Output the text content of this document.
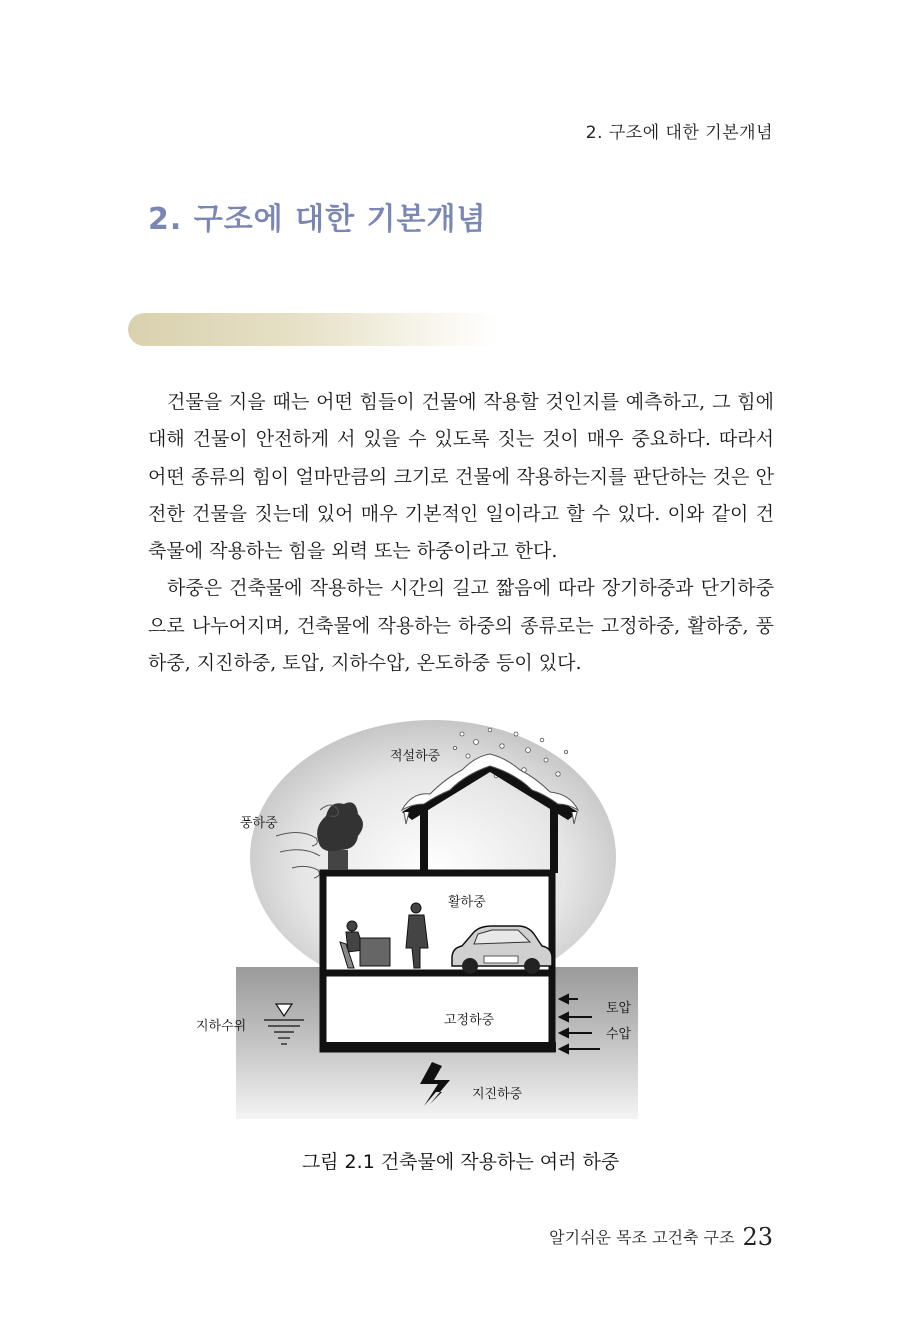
2. 구조에 대한 기본개념
2. 구조에 대한 기본개념

건물을 지을 때는 어떤 힘들이 건물에 작용할 것인지를 예측하고, 그 힘에 대해 건물이 안전하게 서 있을 수 있도록 짓는 것이 매우 중요하다. 따라서 어떤 종류의 힘이 얼마만큼의 크기로 건물에 작용하는지를 판단하는 것은 안전한 건물을 짓는데 있어 매우 기본적인 일이라고 할 수 있다. 이와 같이 건축물에 작용하는 힘을 외력 또는 하중이라고 한다.

하중은 건축물에 작용하는 시간의 길고 짧음에 따라 장기하중과 단기하중으로 나누어지며, 건축물에 작용하는 하중의 종류로는 고정하중, 활하중, 풍하중, 지진하중, 토압, 지하수압, 온도하중 등이 있다.

적설하중
풍하중
활하중
지하수위	고정하중
토압
수압
지진하중
그림 2.1 건축물에 작용하는 여러 하중
알기쉬운 목조 고건축 구조 23
